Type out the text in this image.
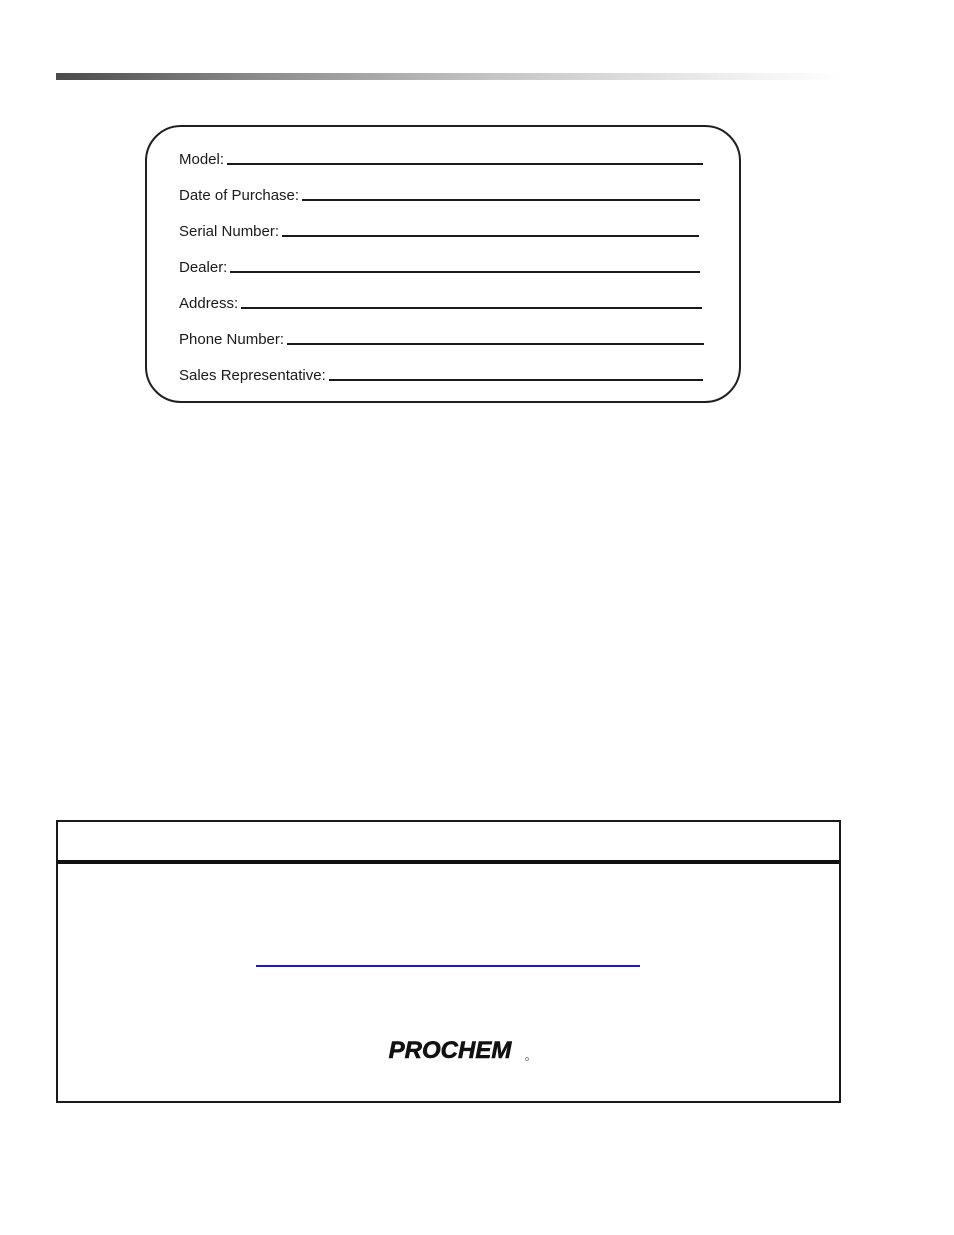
Model:
Date of Purchase:
Serial Number:
Dealer:
Address:
Phone Number:
Sales Representative:
PROCHEM
